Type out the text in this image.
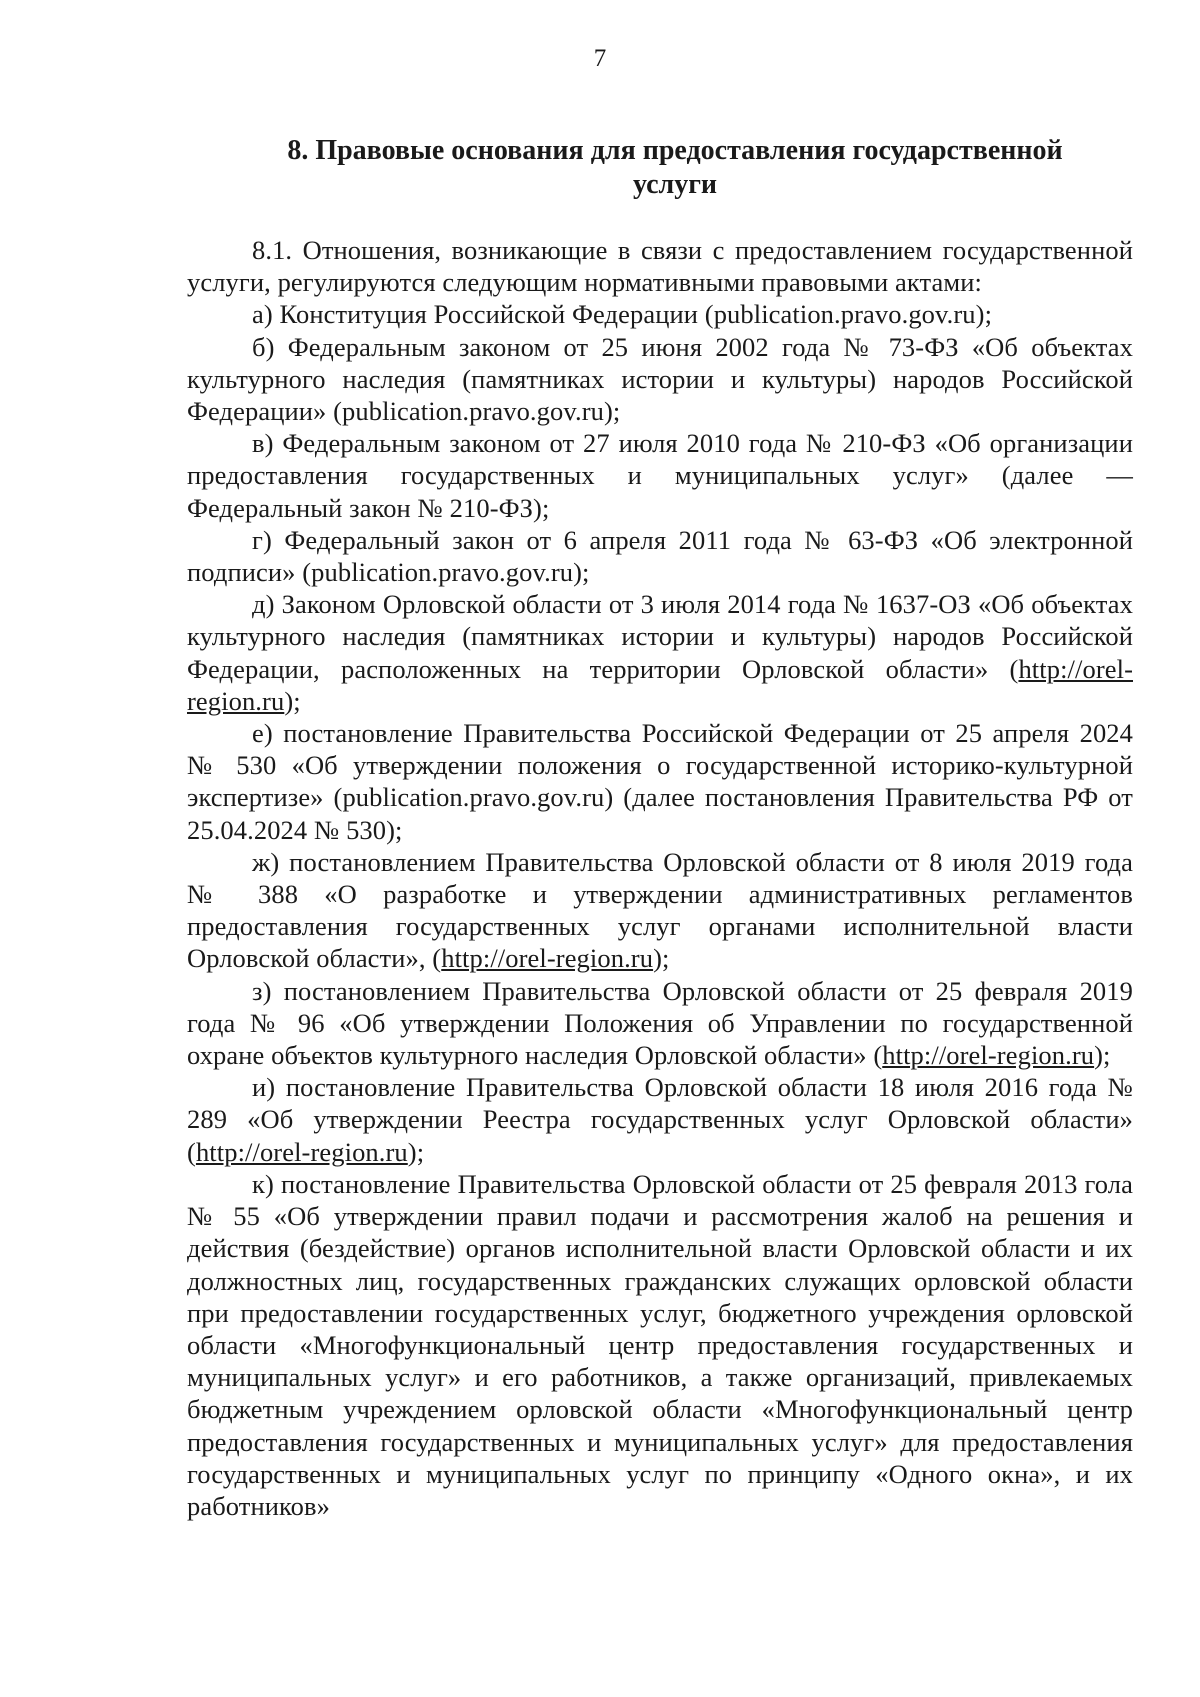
7
8. Правовые основания для предоставления государственной
услуги

8.1. Отношения, возникающие в связи с предоставлением государственной услуги, регулируются следующим нормативными правовыми актами:

а) Конституция Российской Федерации (publication.pravo.gov.ru);

б) Федеральным законом от 25 июня 2002 года № 73-ФЗ «Об объектах культурного наследия (памятниках истории и культуры) народов Российской Федерации» (publication.pravo.gov.ru);

в) Федеральным законом от 27 июля 2010 года № 210-ФЗ «Об организации предоставления государственных и муниципальных услуг» (далее — Федеральный закон № 210-ФЗ);

г) Федеральный закон от 6 апреля 2011 года № 63-ФЗ «Об электронной подписи» (publication.pravo.gov.ru);

д) Законом Орловской области от 3 июля 2014 года № 1637-ОЗ «Об объектах культурного наследия (памятниках истории и культуры) народов Российской Федерации, расположенных на территории Орловской области» (http://orel-region.ru);

е) постановление Правительства Российской Федерации от 25 апреля 2024 № 530 «Об утверждении положения о государственной историко-культурной экспертизе» (publication.pravo.gov.ru) (далее постановления Правительства РФ от 25.04.2024 № 530);

ж) постановлением Правительства Орловской области от 8 июля 2019 года № 388 «О разработке и утверждении административных регламентов предоставления государственных услуг органами исполнительной власти Орловской области», (http://orel-region.ru);

з) постановлением Правительства Орловской области от 25 февраля 2019 года № 96 «Об утверждении Положения об Управлении по государственной охране объектов культурного наследия Орловской области» (http://orel-region.ru);

и) постановление Правительства Орловской области 18 июля 2016 года № 289 «Об утверждении Реестра государственных услуг Орловской области» (http://orel-region.ru);

к) постановление Правительства Орловской области от 25 февраля 2013 гола № 55 «Об утверждении правил подачи и рассмотрения жалоб на решения и действия (бездействие) органов исполнительной власти Орловской области и их должностных лиц, государственных гражданских служащих орловской области при предоставлении государственных услуг, бюджетного учреждения орловской области «Многофункциональный центр предоставления государственных и муниципальных услуг» и его работников, а также организаций, привлекаемых бюджетным учреждением орловской области «Многофункциональный центр предоставления государственных и муниципальных услуг» для предоставления государственных и муниципальных услуг по принципу «Одного окна», и их работников»
